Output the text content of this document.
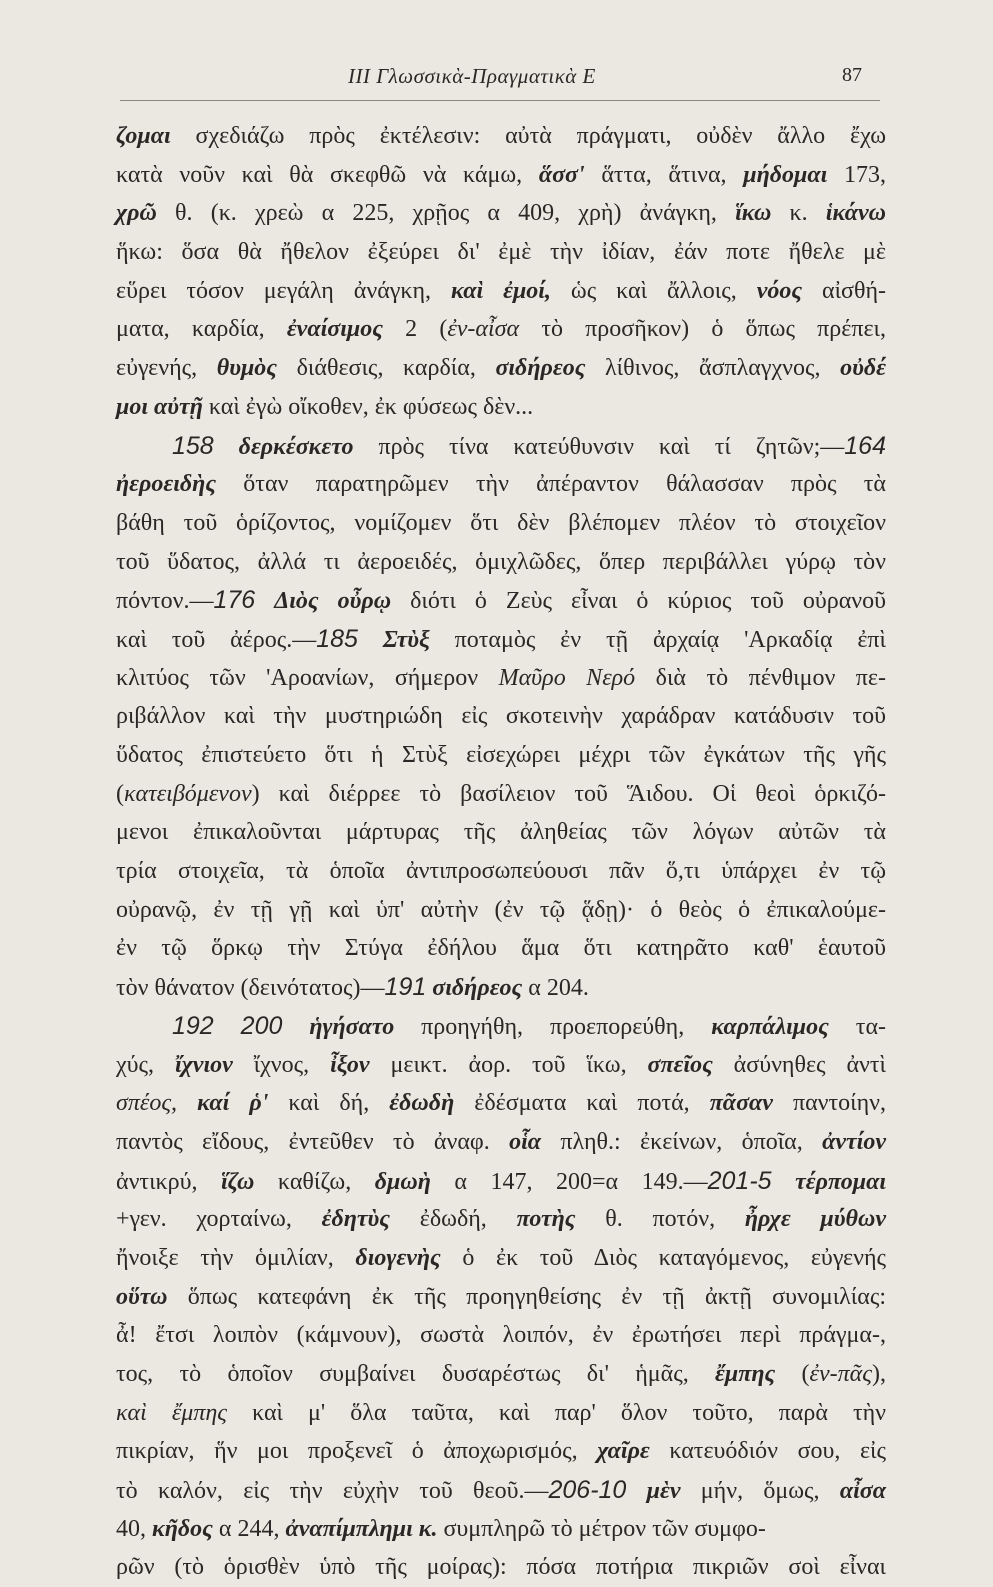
III Γλωσσικὰ-Πραγματικὰ Ε	87
ζομαι σχεδιάζω πρὸς ἐκτέλεσιν: αὐτὰ πράγματι, οὐδὲν ἄλλο ἔχω
κατὰ νοῦν καὶ θὰ σκεφθῶ νὰ κάμω, ἅσσ' ἅττα, ἅτινα, μήδομαι 173,
χρῶ θ. (κ. χρεὼ α 225, χρῇος α 409, χρὴ) ἀνάγκη, ἵκω κ. ἱκάνω
ἥκω: ὅσα θὰ ἤθελον ἐξεύρει δι' ἐμὲ τὴν ἰδίαν, ἐάν ποτε ἤθελε μὲ
εὕρει τόσον μεγάλη ἀνάγκη, καὶ ἐμοί, ὡς καὶ ἄλλοις, νόος αἰσθή-
ματα, καρδία, ἐναίσιμος 2 (ἐν-αἶσα τὸ προσῆκον) ὁ ὅπως πρέπει,
εὐγενής, θυμὸς διάθεσις, καρδία, σιδήρεος λίθινος, ἄσπλαγχνος, οὐδέ
μοι αὐτῇ καὶ ἐγὼ οἴκοθεν, ἐκ φύσεως δὲν...
158 δερκέσκετο πρὸς τίνα κατεύθυνσιν καὶ τί ζητῶν;—164
ἠεροειδὴς ὅταν παρατηρῶμεν τὴν ἀπέραντον θάλασσαν πρὸς τὰ
βάθη τοῦ ὁρίζοντος, νομίζομεν ὅτι δὲν βλέπομεν πλέον τὸ στοιχεῖον
τοῦ ὕδατος, ἀλλά τι ἀεροειδές, ὁμιχλῶδες, ὅπερ περιβάλλει γύρῳ τὸν
πόντον.—176 Διὸς οὖρῳ διότι ὁ Ζεὺς εἶναι ὁ κύριος τοῦ οὐρανοῦ
καὶ τοῦ ἀέρος.—185 Στὺξ ποταμὸς ἐν τῇ ἀρχαίᾳ 'Αρκαδίᾳ ἐπὶ
κλιτύος τῶν 'Αροανίων, σήμερον Μαῦρο Νερό διὰ τὸ πένθιμον πε-
ριβάλλον καὶ τὴν μυστηριώδη εἰς σκοτεινὴν χαράδραν κατάδυσιν τοῦ
ὕδατος ἐπιστεύετο ὅτι ἡ Στὺξ εἰσεχώρει μέχρι τῶν ἐγκάτων τῆς γῆς
(κατειβόμενον) καὶ διέρρεε τὸ βασίλειον τοῦ Ἅιδου. Οἱ θεοὶ ὁρκιζό-
μενοι ἐπικαλοῦνται μάρτυρας τῆς ἀληθείας τῶν λόγων αὐτῶν τὰ
τρία στοιχεῖα, τὰ ὁποῖα ἀντιπροσωπεύουσι πᾶν ὅ,τι ὑπάρχει ἐν τῷ
οὐρανῷ, ἐν τῇ γῇ καὶ ὑπ' αὐτὴν (ἐν τῷ ᾅδῃ)· ὁ θεὸς ὁ ἐπικαλούμε-
ἐν τῷ ὅρκῳ τὴν Στύγα ἐδήλου ἅμα ὅτι κατηρᾶτο καθ' ἑαυτοῦ
τὸν θάνατον (δεινότατος)—191 σιδήρεος α 204.
192 200 ἡγήσατο προηγήθη, προεπορεύθη, καρπάλιμος τα-
χύς, ἴχνιον ἴχνος, ἶξον μεικτ. ἀορ. τοῦ ἵκω, σπεῖος ἀσύνηθες ἀντὶ
σπέος, καί ῥ' καὶ δή, ἐδωδὴ ἐδέσματα καὶ ποτά, πᾶσαν παντοίην,
παντὸς εἴδους, ἐντεῦθεν τὸ ἀναφ. οἷα πληθ.: ἐκείνων, ὁποῖα, ἀντίον
ἀντικρύ, ἵζω καθίζω, δμωὴ α 147, 200=α 149.—201-5 τέρπομαι
+γεν. χορταίνω, ἐδητὺς ἐδωδή, ποτὴς θ. ποτόν, ἦρχε μύθων
ἤνοιξε τὴν ὁμιλίαν, διογενὴς ὁ ἐκ τοῦ Διὸς καταγόμενος, εὐγενής
οὕτω ὅπως κατεφάνη ἐκ τῆς προηγηθείσης ἐν τῇ ἀκτῇ συνομιλίας:
ἆ! ἔτσι λοιπὸν (κάμνουν), σωστὰ λοιπόν, ἐν ἐρωτήσει περὶ πράγμα-,
τος, τὸ ὁποῖον συμβαίνει δυσαρέστως δι' ἡμᾶς, ἔμπης (ἐν-πᾶς),
καὶ ἔμπης καὶ μ' ὅλα ταῦτα, καὶ παρ' ὅλον τοῦτο, παρὰ τὴν
πικρίαν, ἥν μοι προξενεῖ ὁ ἀποχωρισμός, χαῖρε κατευόδιόν σου, εἰς
τὸ καλόν, εἰς τὴν εὐχὴν τοῦ θεοῦ.—206-10 μὲν μήν, ὅμως, αἶσα
40, κῆδος α 244, ἀναπίμπλημι κ. συμπληρῶ τὸ μέτρον τῶν συμφο-
ρῶν (τὸ ὁρισθὲν ὑπὸ τῆς μοίρας): πόσα ποτήρια πικριῶν σοὶ εἶναι
